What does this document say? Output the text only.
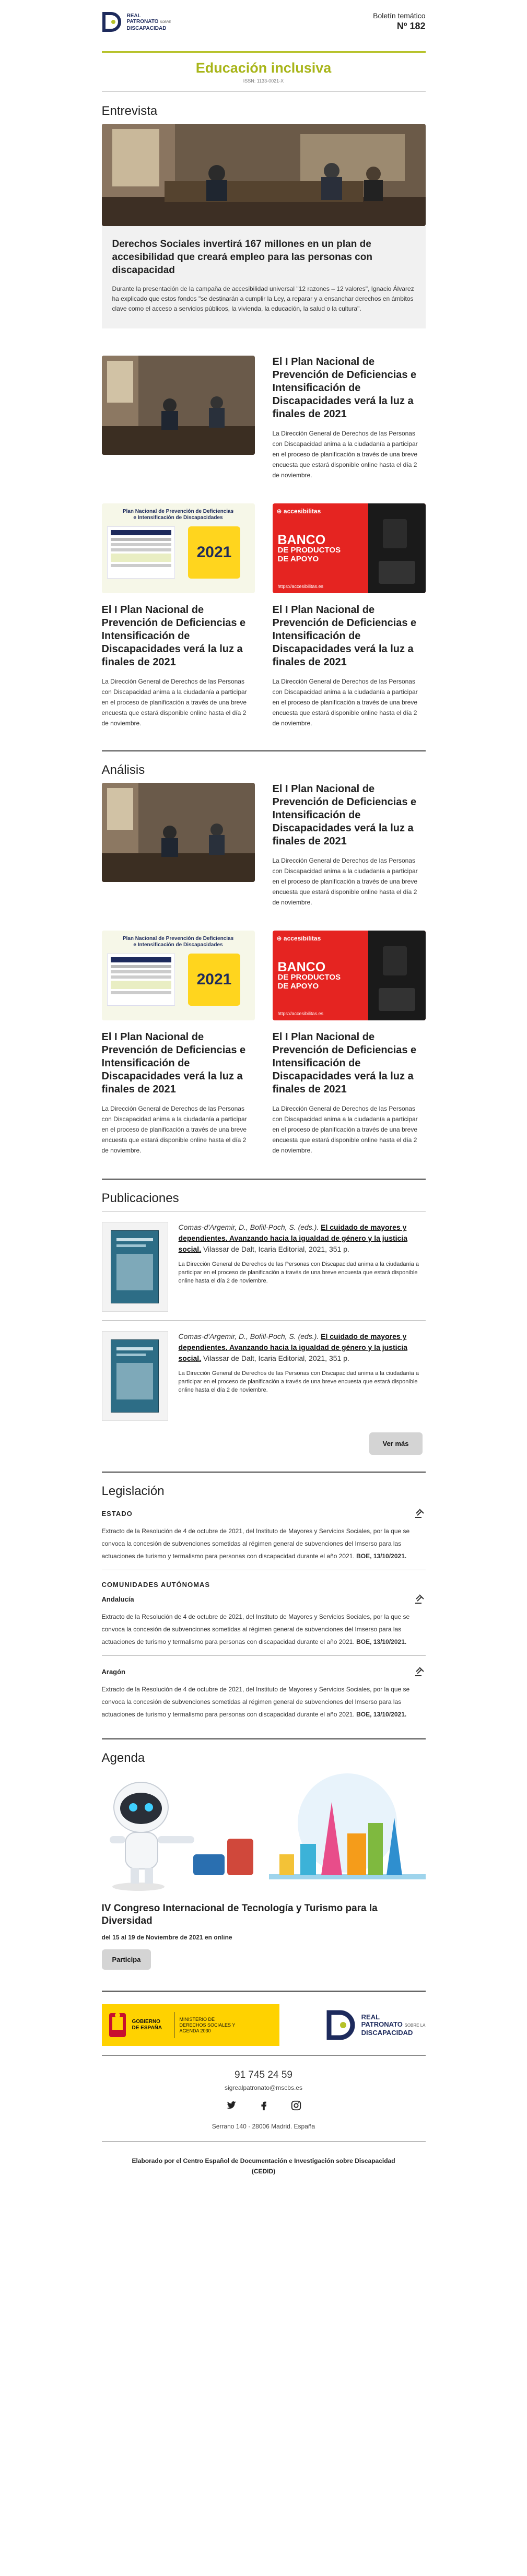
REAL
PATRONATO SOBRE
DISCAPACIDAD
Boletín temático
Nº 182
Educación inclusiva
ISSN: 1133-0021-X
Entrevista
Derechos Sociales invertirá 167 millones en un plan de accesibilidad que creará empleo para las personas con discapacidad

Durante la presentación de la campaña de accesibilidad universal "12 razones – 12 valores", Ignacio Álvarez ha explicado que estos fondos "se destinarán a cumplir la Ley, a reparar y a ensanchar derechos en ámbitos clave como el acceso a servicios públicos, la vivienda, la educación, la salud o la cultura".

El I Plan Nacional de Prevención de Deficiencias e Intensificación de Discapacidades verá la luz a finales de 2021
La Dirección General de Derechos de las Personas con Discapacidad anima a la ciudadanía a participar en el proceso de planificación a través de una breve encuesta que estará disponible online hasta el día 2 de noviembre.
Plan Nacional de Prevención de Deficiencias
e Intensificación de Discapacidades
2021
El I Plan Nacional de Prevención de Deficiencias e Intensificación de Discapacidades verá la luz a finales de 2021
La Dirección General de Derechos de las Personas con Discapacidad anima a la ciudadanía a participar en el proceso de planificación a través de una breve encuesta que estará disponible online hasta el día 2 de noviembre.
⊕ accesibilitas
BANCO
DE PRODUCTOS
DE APOYO
https://accesibilitas.es
El I Plan Nacional de Prevención de Deficiencias e Intensificación de Discapacidades verá la luz a finales de 2021
La Dirección General de Derechos de las Personas con Discapacidad anima a la ciudadanía a participar en el proceso de planificación a través de una breve encuesta que estará disponible online hasta el día 2 de noviembre.
Análisis
El I Plan Nacional de Prevención de Deficiencias e Intensificación de Discapacidades verá la luz a finales de 2021
La Dirección General de Derechos de las Personas con Discapacidad anima a la ciudadanía a participar en el proceso de planificación a través de una breve encuesta que estará disponible online hasta el día 2 de noviembre.
Plan Nacional de Prevención de Deficiencias
e Intensificación de Discapacidades
2021
El I Plan Nacional de Prevención de Deficiencias e Intensificación de Discapacidades verá la luz a finales de 2021
La Dirección General de Derechos de las Personas con Discapacidad anima a la ciudadanía a participar en el proceso de planificación a través de una breve encuesta que estará disponible online hasta el día 2 de noviembre.
⊕ accesibilitas
BANCO
DE PRODUCTOS
DE APOYO
https://accesibilitas.es
El I Plan Nacional de Prevención de Deficiencias e Intensificación de Discapacidades verá la luz a finales de 2021
La Dirección General de Derechos de las Personas con Discapacidad anima a la ciudadanía a participar en el proceso de planificación a través de una breve encuesta que estará disponible online hasta el día 2 de noviembre.
Publicaciones
Comas-d'Argemir, D., Bofill-Poch, S. (eds.). El cuidado de mayores y dependientes. Avanzando hacia la igualdad de género y la justicia social. Vilassar de Dalt, Icaria Editorial, 2021, 351 p.
La Dirección General de Derechos de las Personas con Discapacidad anima a la ciudadanía a participar en el proceso de planificación a través de una breve encuesta que estará disponible online hasta el día 2 de noviembre.
Comas-d'Argemir, D., Bofill-Poch, S. (eds.). El cuidado de mayores y dependientes. Avanzando hacia la igualdad de género y la justicia social. Vilassar de Dalt, Icaria Editorial, 2021, 351 p.
La Dirección General de Derechos de las Personas con Discapacidad anima a la ciudadanía a participar en el proceso de planificación a través de una breve encuesta que estará disponible online hasta el día 2 de noviembre.
Ver más
Legislación
ESTADO
Extracto de la Resolución de 4 de octubre de 2021, del Instituto de Mayores y Servicios Sociales, por la que se convoca la concesión de subvenciones sometidas al régimen general de subvenciones del Imserso para las actuaciones de turismo y termalismo para personas con discapacidad durante el año 2021. BOE, 13/10/2021.
COMUNIDADES AUTÓNOMAS
Andalucía
Extracto de la Resolución de 4 de octubre de 2021, del Instituto de Mayores y Servicios Sociales, por la que se convoca la concesión de subvenciones sometidas al régimen general de subvenciones del Imserso para las actuaciones de turismo y termalismo para personas con discapacidad durante el año 2021. BOE, 13/10/2021.
Aragón
Extracto de la Resolución de 4 de octubre de 2021, del Instituto de Mayores y Servicios Sociales, por la que se convoca la concesión de subvenciones sometidas al régimen general de subvenciones del Imserso para las actuaciones de turismo y termalismo para personas con discapacidad durante el año 2021. BOE, 13/10/2021.
Agenda
IV Congreso Internacional de Tecnología y Turismo para la Diversidad
del 15 al 19 de Noviembre de 2021 en online
Participa
GOBIERNO DE ESPAÑA
MINISTERIO DE DERECHOS SOCIALES Y AGENDA 2030
REAL
PATRONATO SOBRE LA
DISCAPACIDAD
91 745 24 59
sigrealpatronato@mscbs.es
Serrano 140 · 28006 Madrid. España
Elaborado por el Centro Español de Documentación e Investigación sobre Discapacidad (CEDID)
